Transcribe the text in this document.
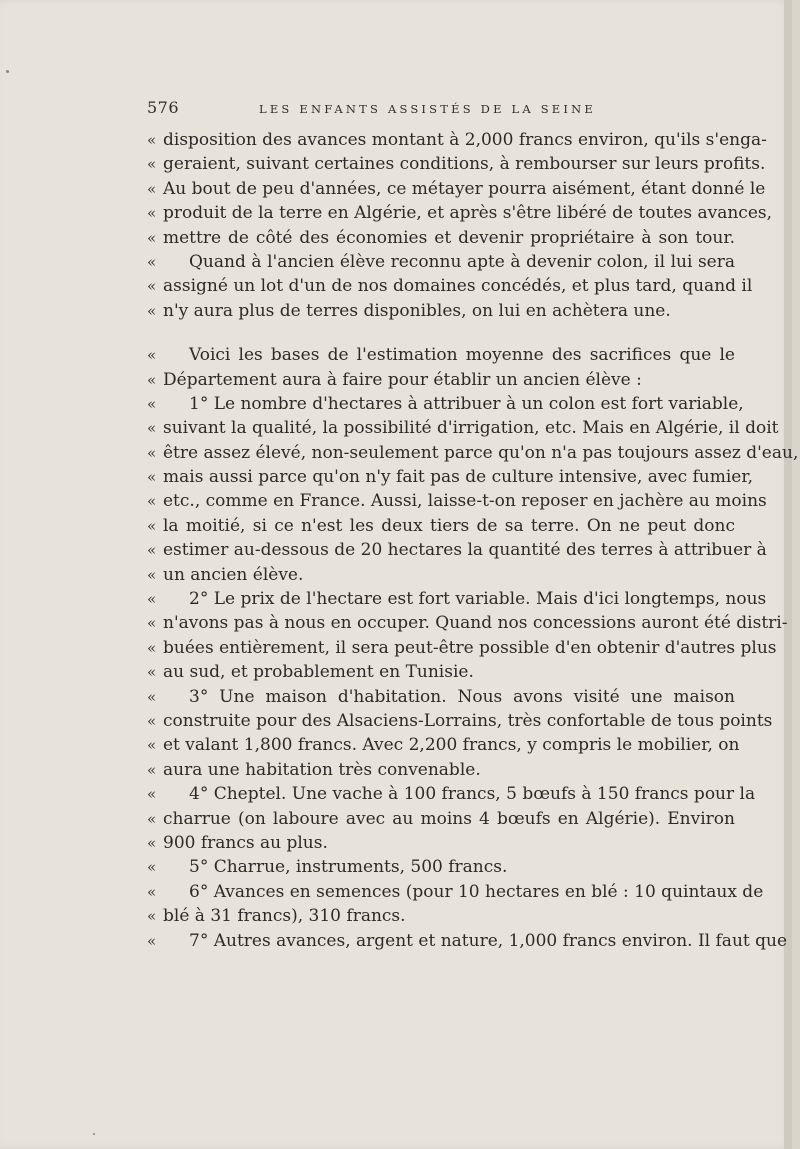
576	LES ENFANTS ASSISTÉS DE LA SEINE
« disposition des avances montant à 2,000 francs environ, qu'ils s'enga-
« geraient, suivant certaines conditions, à rembourser sur leurs profits.
« Au bout de peu d'années, ce métayer pourra aisément, étant donné le
« produit de la terre en Algérie, et après s'être libéré de toutes avances,
« mettre de côté des économies et devenir propriétaire à son tour.
«	Quand à l'ancien élève reconnu apte à devenir colon, il lui sera
« assigné un lot d'un de nos domaines concédés, et plus tard, quand il
« n'y aura plus de terres disponibles, on lui en achètera une.
«	Voici les bases de l'estimation moyenne des sacrifices que le
« Département aura à faire pour établir un ancien élève :
«	1° Le nombre d'hectares à attribuer à un colon est fort variable,
« suivant la qualité, la possibilité d'irrigation, etc. Mais en Algérie, il doit
« être assez élevé, non-seulement parce qu'on n'a pas toujours assez d'eau,
« mais aussi parce qu'on n'y fait pas de culture intensive, avec fumier,
« etc., comme en France. Aussi, laisse-t-on reposer en jachère au moins
« la moitié, si ce n'est les deux tiers de sa terre. On ne peut donc
« estimer au-dessous de 20 hectares la quantité des terres à attribuer à
« un ancien élève.
«	2° Le prix de l'hectare est fort variable. Mais d'ici longtemps, nous
« n'avons pas à nous en occuper. Quand nos concessions auront été distri-
« buées entièrement, il sera peut-être possible d'en obtenir d'autres plus
« au sud, et probablement en Tunisie.
«	3° Une maison d'habitation. Nous avons visité une maison
« construite pour des Alsaciens-Lorrains, très confortable de tous points
« et valant 1,800 francs. Avec 2,200 francs, y compris le mobilier, on
« aura une habitation très convenable.
«	4° Cheptel. Une vache à 100 francs, 5 bœufs à 150 francs pour la
« charrue (on laboure avec au moins 4 bœufs en Algérie). Environ
« 900 francs au plus.
«	5° Charrue, instruments, 500 francs.
«	6° Avances en semences (pour 10 hectares en blé : 10 quintaux de
« blé à 31 francs), 310 francs.
«	7° Autres avances, argent et nature, 1,000 francs environ. Il faut que
